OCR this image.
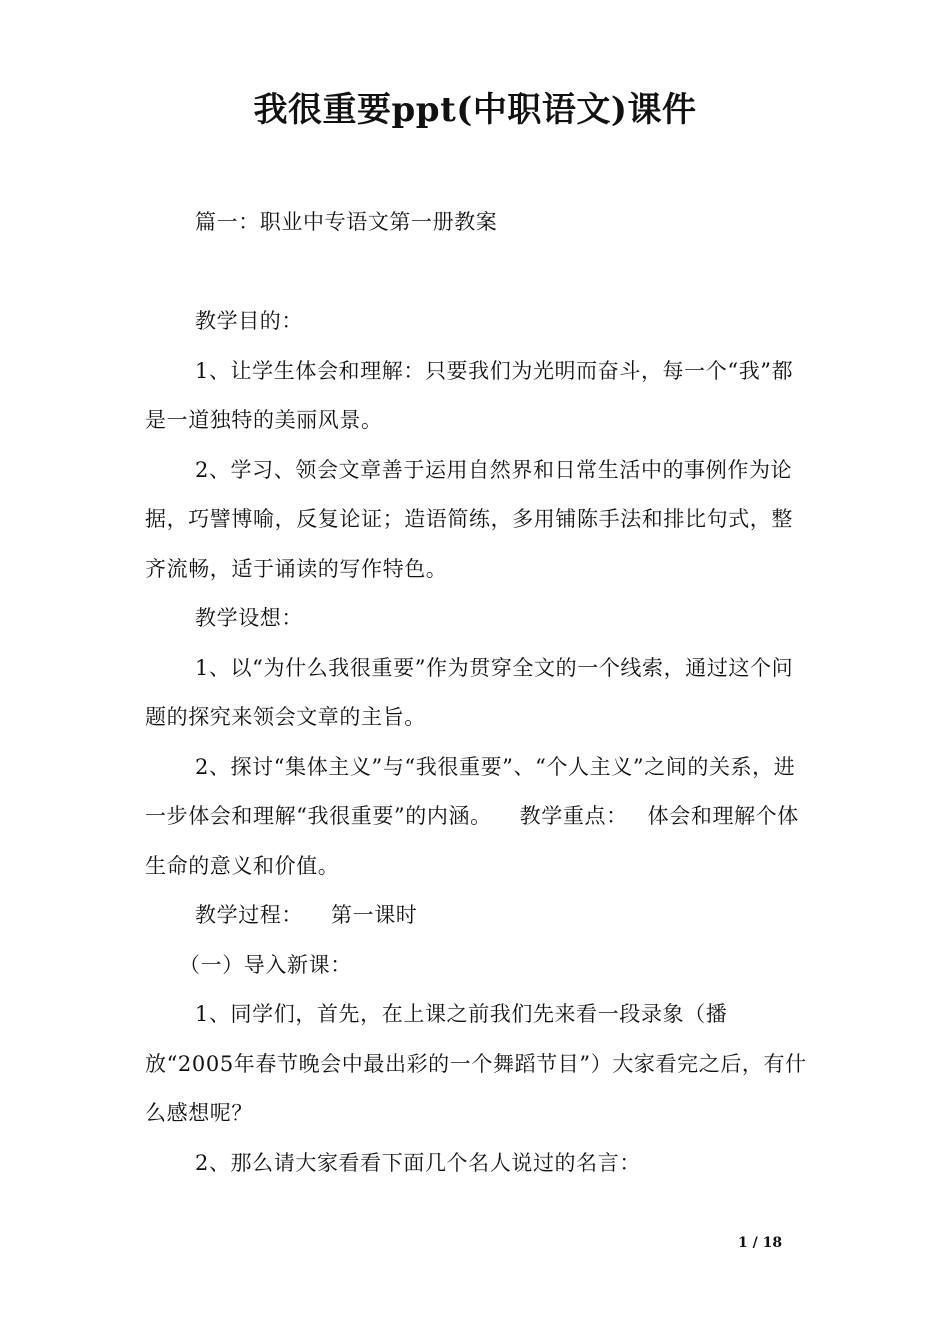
我很重要ppt(中职语文)课件

篇一：职业中专语文第一册教案

教学目的：

1、让学生体会和理解：只要我们为光明而奋斗，每一个“我”都是一道独特的美丽风景。

2、学习、领会文章善于运用自然界和日常生活中的事例作为论据，巧譬博喻，反复论证；造语简练，多用铺陈手法和排比句式，整齐流畅，适于诵读的写作特色。

教学设想：

1、以“为什么我很重要”作为贯穿全文的一个线索，通过这个问题的探究来领会文章的主旨。

2、探讨“集体主义”与“我很重要”、“个人主义”之间的关系，进一步体会和理解“我很重要”的内涵。 教学重点： 体会和理解个体生命的意义和价值。

教学过程： 第一课时

（一）导入新课：

1、同学们，首先，在上课之前我们先来看一段录象（播放“2005年春节晚会中最出彩的一个舞蹈节目”）大家看完之后，有什么感想呢？

2、那么请大家看看下面几个名人说过的名言：

1 / 18
